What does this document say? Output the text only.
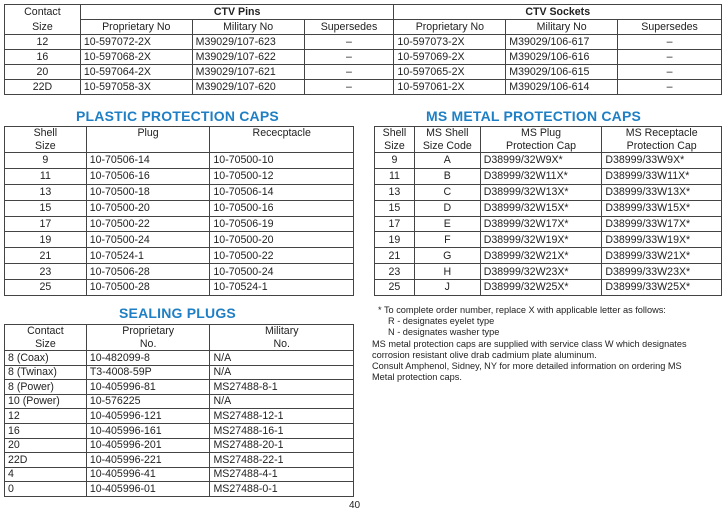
Contact	CTV Pins			CTV Sockets		
Size	Proprietary No	Military No	Supersedes	Proprietary No	Military No	Supersedes
12	10-597072-2X	M39029/107-623	–	10-597073-2X	M39029/106-617	–
16	10-597068-2X	M39029/107-622	–	10-597069-2X	M39029/106-616	–
20	10-597064-2X	M39029/107-621	–	10-597065-2X	M39029/106-615	–
22D	10-597058-3X	M39029/107-620	–	10-597061-2X	M39029/106-614	–
PLASTIC PROTECTION CAPS
Shell	Plug	Rececptacle
Size		
9	10-70506-14	10-70500-10
11	10-70506-16	10-70500-12
13	10-70500-18	10-70506-14
15	10-70500-20	10-70500-16
17	10-70500-22	10-70506-19
19	10-70500-24	10-70500-20
21	10-70524-1	10-70500-22
23	10-70506-28	10-70500-24
25	10-70500-28	10-70524-1
MS METAL PROTECTION CAPS
Shell	MS Shell	MS Plug	MS Receptacle
Size	Size Code	Protection Cap	Protection Cap
9	A	D38999/32W9X*	D38999/33W9X*
11	B	D38999/32W11X*	D38999/33W11X*
13	C	D38999/32W13X*	D38999/33W13X*
15	D	D38999/32W15X*	D38999/33W15X*
17	E	D38999/32W17X*	D38999/33W17X*
19	F	D38999/32W19X*	D38999/33W19X*
21	G	D38999/32W21X*	D38999/33W21X*
23	H	D38999/32W23X*	D38999/33W23X*
25	J	D38999/32W25X*	D38999/33W25X*
* To complete order number, replace X with applicable letter as follows:
R - designates eyelet type
N - designates washer type
MS metal protection caps are supplied with service class W which designates
corrosion resistant olive drab cadmium plate aluminum.
Consult Amphenol, Sidney, NY for more detailed information on ordering MS
Metal protection caps.
SEALING PLUGS
Contact	Proprietary	Military
Size	No.	No.
8 (Coax)	10-482099-8	N/A
8 (Twinax)	T3-4008-59P	N/A
8 (Power)	10-405996-81	MS27488-8-1
10 (Power)	10-576225	N/A
12	10-405996-121	MS27488-12-1
16	10-405996-161	MS27488-16-1
20	10-405996-201	MS27488-20-1
22D	10-405996-221	MS27488-22-1
4	10-405996-41	MS27488-4-1
0	10-405996-01	MS27488-0-1
40
